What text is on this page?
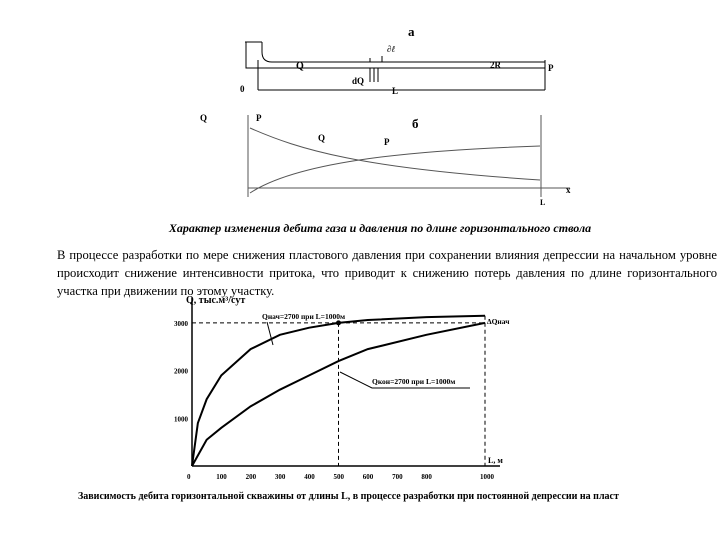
а
Q
∂ℓ
dQ
2R	P
0	L
Q	P	б
Q	P
x
L
Q, тыс.м³/сут
L, м
0	100	200	300	400	500	600	700	800	1000
1000
2000
3000
Qнач=2700 при L=1000м
Qкон=2700 при L=1000м
∆Qнач
Характер изменения дебита газа и давления по длине горизонтального ствола
В процессе разработки по мере снижения пластового давления при сохранении влияния депрессии на начальном уровне происходит снижение интенсивности притока, что приводит к снижению потерь давления по длине горизонтального участка при движении по этому участку.
Зависимость дебита горизонтальной скважины от длины L, в процессе разработки при постоянной депрессии на пласт
